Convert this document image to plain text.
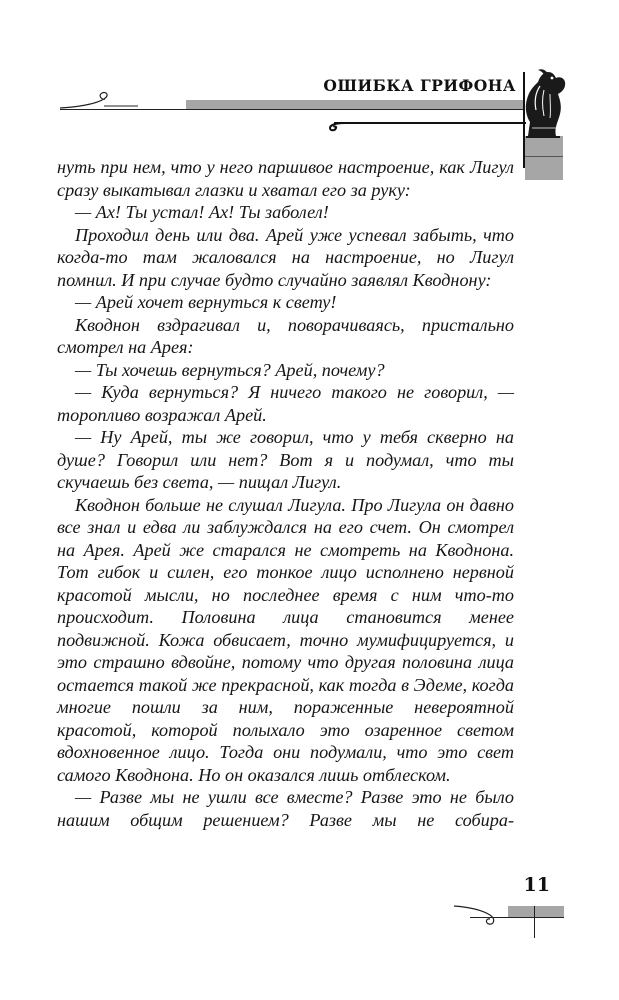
ОШИБКА ГРИФОНА

нуть при нем, что у него паршивое настроение, как Лигул сразу выкатывал глазки и хватал его за руку:

— Ах! Ты устал! Ах! Ты заболел!

Проходил день или два. Арей уже успевал забыть, что когда-то там жаловался на настроение, но Лигул помнил. И при случае будто случайно заявлял Кводнону:

— Арей хочет вернуться к свету!

Кводнон вздрагивал и, поворачиваясь, пристально смотрел на Арея:

— Ты хочешь вернуться? Арей, почему?

— Куда вернуться? Я ничего такого не говорил, — торопливо возражал Арей.

— Ну Арей, ты же говорил, что у тебя скверно на душе? Говорил или нет? Вот я и подумал, что ты скучаешь без света, — пищал Лигул.

Кводнон больше не слушал Лигула. Про Лигула он давно все знал и едва ли заблуждался на его счет. Он смотрел на Арея. Арей же старался не смотреть на Кводнона. Тот гибок и силен, его тонкое лицо исполнено нервной красотой мысли, но последнее время с ним что-то происходит. Половина лица становится менее подвижной. Кожа обвисает, точно мумифицируется, и это страшно вдвойне, потому что другая половина лица остается такой же прекрасной, как тогда в Эдеме, когда многие пошли за ним, пораженные невероятной красотой, которой полыхало это озаренное светом вдохновенное лицо. Тогда они подумали, что это свет самого Кводнона. Но он оказался лишь отблеском.

— Разве мы не ушли все вместе? Разве это не было нашим общим решением? Разве мы не собира-

11
